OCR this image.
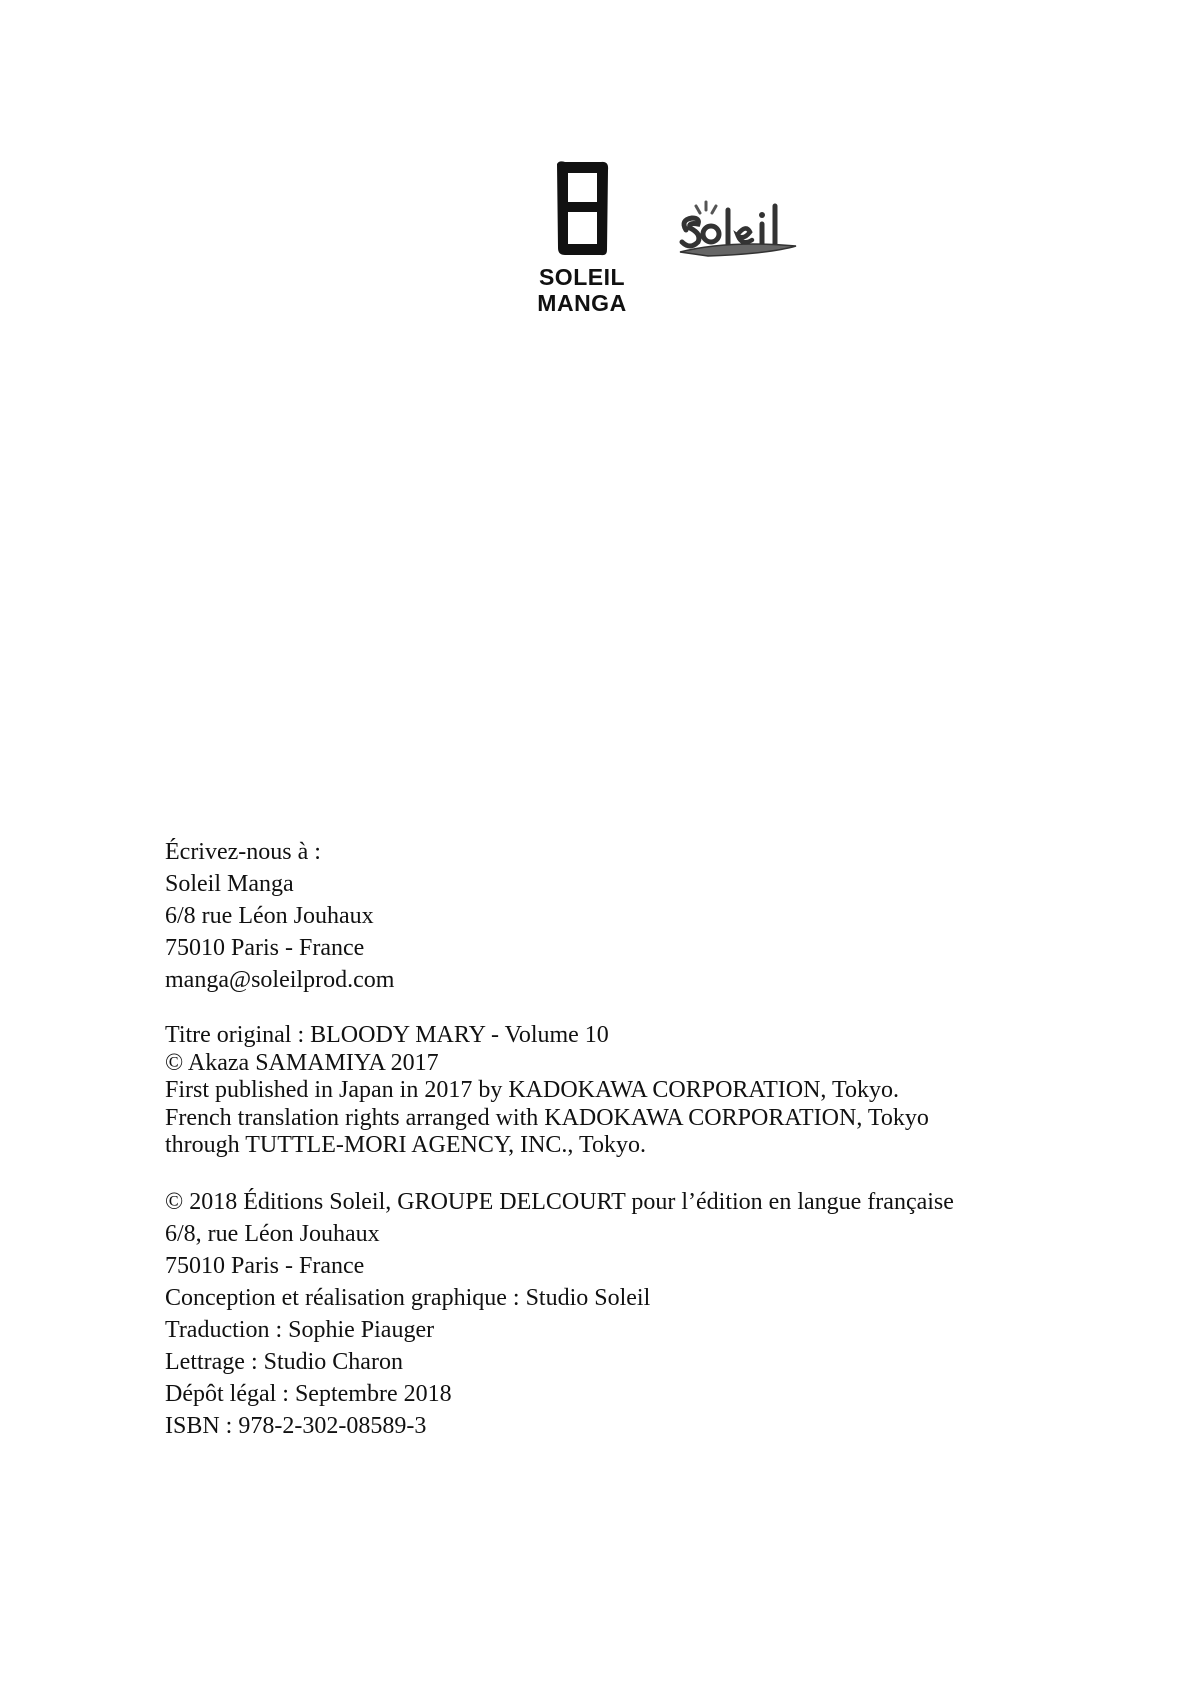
SOLEIL
MANGA

Écrivez-nous à :

Soleil Manga

6/8 rue Léon Jouhaux

75010 Paris - France

manga@soleilprod.com

Titre original : BLOODY MARY - Volume 10

© Akaza SAMAMIYA 2017

First published in Japan in 2017 by KADOKAWA CORPORATION, Tokyo.

French translation rights arranged with KADOKAWA CORPORATION, Tokyo

through TUTTLE-MORI AGENCY, INC., Tokyo.

© 2018 Éditions Soleil, GROUPE DELCOURT pour l’édition en langue française

6/8, rue Léon Jouhaux

75010 Paris - France

Conception et réalisation graphique : Studio Soleil

Traduction : Sophie Piauger

Lettrage : Studio Charon

Dépôt légal : Septembre 2018

ISBN : 978-2-302-08589-3
